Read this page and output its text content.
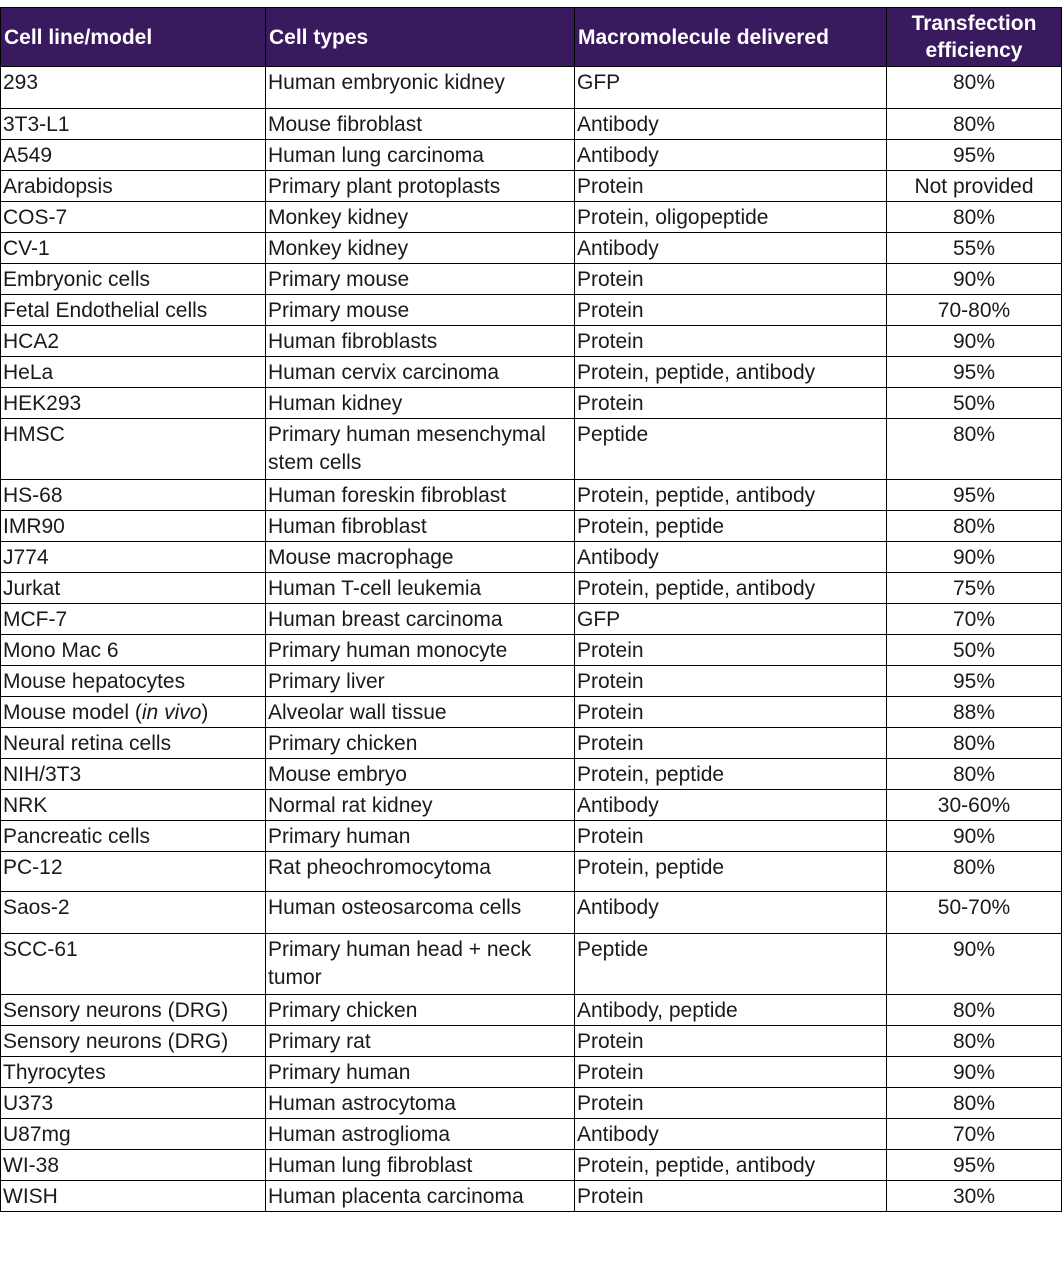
Cell line/model	Cell types	Macromolecule delivered	Transfection efficiency
293	Human embryonic kidney	GFP	80%
3T3-L1	Mouse fibroblast	Antibody	80%
A549	Human lung carcinoma	Antibody	95%
Arabidopsis	Primary plant protoplasts	Protein	Not provided
COS-7	Monkey kidney	Protein, oligopeptide	80%
CV-1	Monkey kidney	Antibody	55%
Embryonic cells	Primary mouse	Protein	90%
Fetal Endothelial cells	Primary mouse	Protein	70-80%
HCA2	Human fibroblasts	Protein	90%
HeLa	Human cervix carcinoma	Protein, peptide, antibody	95%
HEK293	Human kidney	Protein	50%
HMSC	Primary human mesenchymal stem cells	Peptide	80%
HS-68	Human foreskin fibroblast	Protein, peptide, antibody	95%
IMR90	Human fibroblast	Protein, peptide	80%
J774	Mouse macrophage	Antibody	90%
Jurkat	Human T-cell leukemia	Protein, peptide, antibody	75%
MCF-7	Human breast carcinoma	GFP	70%
Mono Mac 6	Primary human monocyte	Protein	50%
Mouse hepatocytes	Primary liver	Protein	95%
Mouse model (in vivo)	Alveolar wall tissue	Protein	88%
Neural retina cells	Primary chicken	Protein	80%
NIH/3T3	Mouse embryo	Protein, peptide	80%
NRK	Normal rat kidney	Antibody	30-60%
Pancreatic cells	Primary human	Protein	90%
PC-12	Rat pheochromocytoma	Protein, peptide	80%
Saos-2	Human osteosarcoma cells	Antibody	50-70%
SCC-61	Primary human head + neck tumor	Peptide	90%
Sensory neurons (DRG)	Primary chicken	Antibody, peptide	80%
Sensory neurons (DRG)	Primary rat	Protein	80%
Thyrocytes	Primary human	Protein	90%
U373	Human astrocytoma	Protein	80%
U87mg	Human astroglioma	Antibody	70%
WI-38	Human lung fibroblast	Protein, peptide, antibody	95%
WISH	Human placenta carcinoma	Protein	30%
